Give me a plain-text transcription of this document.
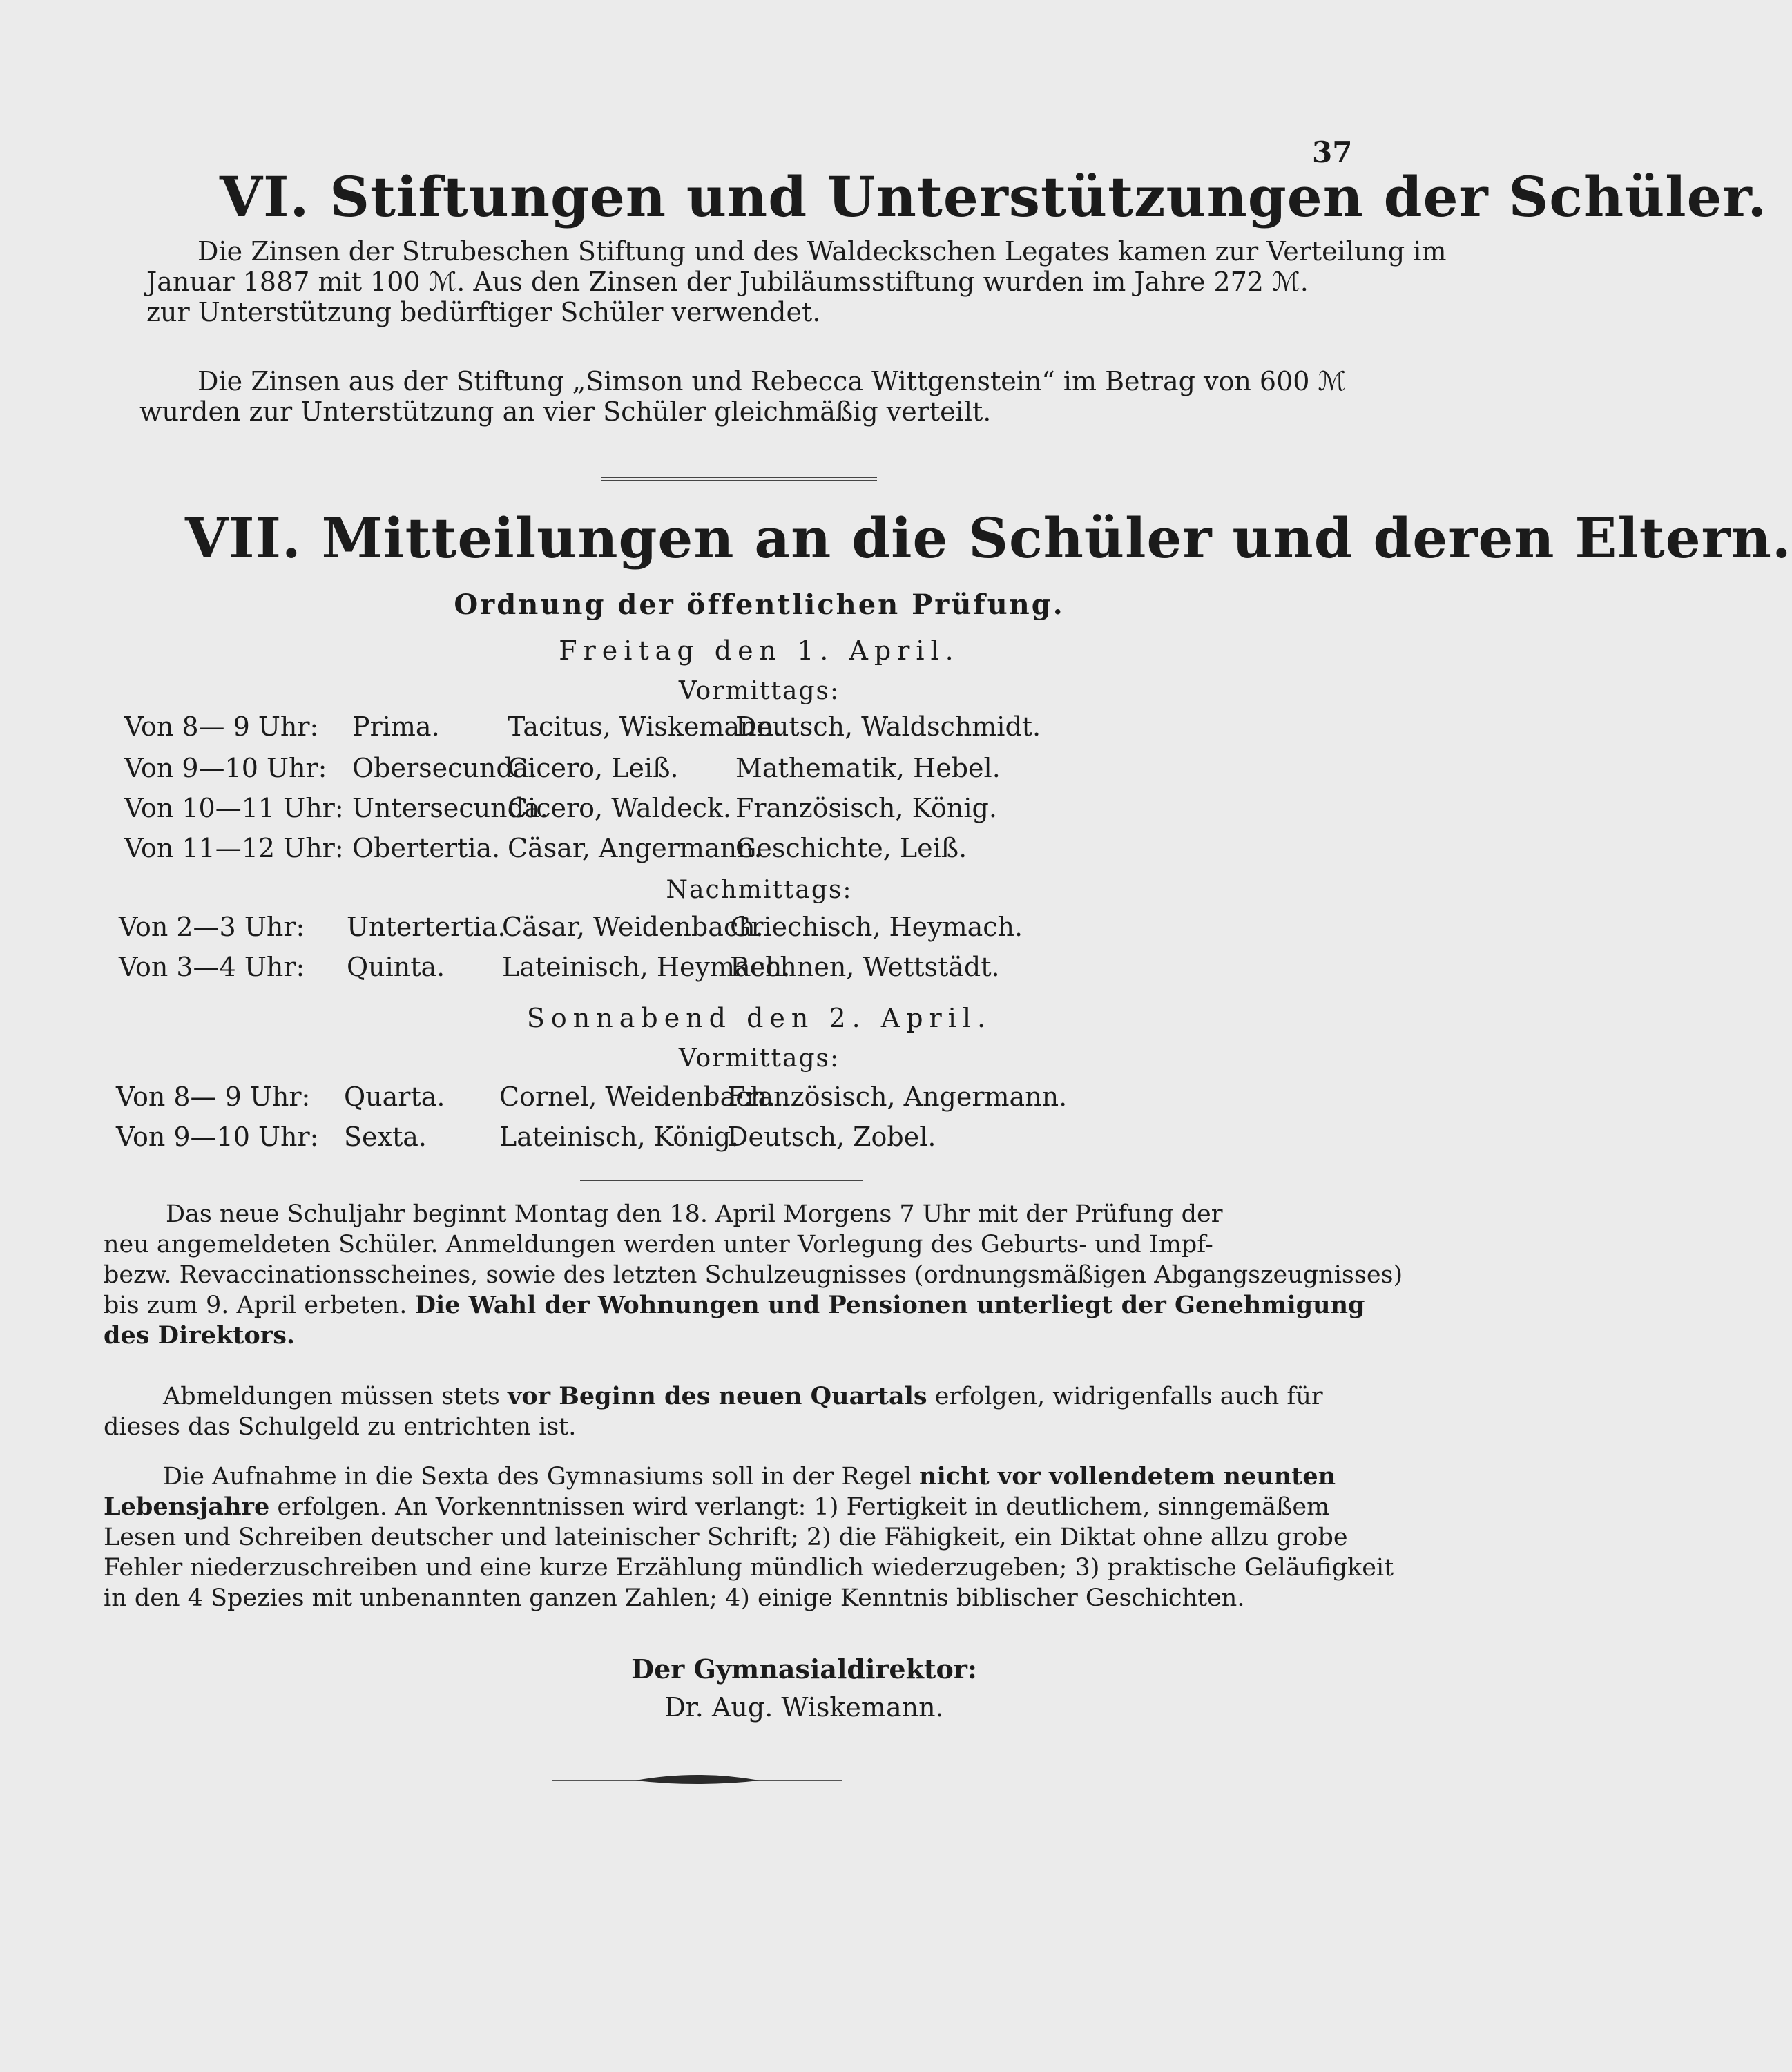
37
VI. Stiftungen und Unterstützungen der Schüler.
Die Zinsen der Strubeschen Stiftung und des Waldeckschen Legates kamen zur Verteilung im
Januar 1887 mit 100 ℳ. Aus den Zinsen der Jubiläumsstiftung wurden im Jahre 272 ℳ.
zur Unterstützung bedürftiger Schüler verwendet.
Die Zinsen aus der Stiftung „Simson und Rebecca Wittgenstein“ im Betrag von 600 ℳ
wurden zur Unterstützung an vier Schüler gleichmäßig verteilt.
VII. Mitteilungen an die Schüler und deren Eltern.
Ordnung der öffentlichen Prüfung.
Freitag den 1. April.
Vormittags:
Von 8— 9 Uhr: Prima.	Tacitus, Wiskemann.Deutsch, Waldschmidt.
Von 9—10 Uhr: Obersecunda.Cicero, Leiß. Mathematik, Hebel.
Von 10—11 Uhr: Untersecunda.Cicero, Waldeck. Französisch, König.
Von 11—12 Uhr: Obertertia. Cäsar, Angermann.Geschichte, Leiß.
Nachmittags:
Von 2—3 Uhr: Untertertia.Cäsar, Weidenbach.Griechisch, Heymach.
Von 3—4 Uhr: Quinta. Lateinisch, Heymach.Rechnen, Wettstädt.
Sonnabend den 2. April.
Vormittags:
Von 8— 9 Uhr: Quarta. Cornel, Weidenbach.Französisch, Angermann.
Von 9—10 Uhr: Sexta.	Lateinisch, König.Deutsch, Zobel.
Das neue Schuljahr beginnt Montag den 18. April Morgens 7 Uhr mit der Prüfung der
neu angemeldeten Schüler. Anmeldungen werden unter Vorlegung des Geburts- und Impf-
bezw. Revaccinationsscheines, sowie des letzten Schulzeugnisses (ordnungsmäßigen Abgangszeugnisses)
bis zum 9. April erbeten. Die Wahl der Wohnungen und Pensionen unterliegt der Genehmigung
des Direktors.
Abmeldungen müssen stets vor Beginn des neuen Quartals erfolgen, widrigenfalls auch für
dieses das Schulgeld zu entrichten ist.
Die Aufnahme in die Sexta des Gymnasiums soll in der Regel nicht vor vollendetem neunten
Lebensjahre erfolgen. An Vorkenntnissen wird verlangt: 1) Fertigkeit in deutlichem, sinngemäßem
Lesen und Schreiben deutscher und lateinischer Schrift; 2) die Fähigkeit, ein Diktat ohne allzu grobe
Fehler niederzuschreiben und eine kurze Erzählung mündlich wiederzugeben; 3) praktische Geläufigkeit
in den 4 Spezies mit unbenannten ganzen Zahlen; 4) einige Kenntnis biblischer Geschichten.
Der Gymnasialdirektor:
Dr. Aug. Wiskemann.
